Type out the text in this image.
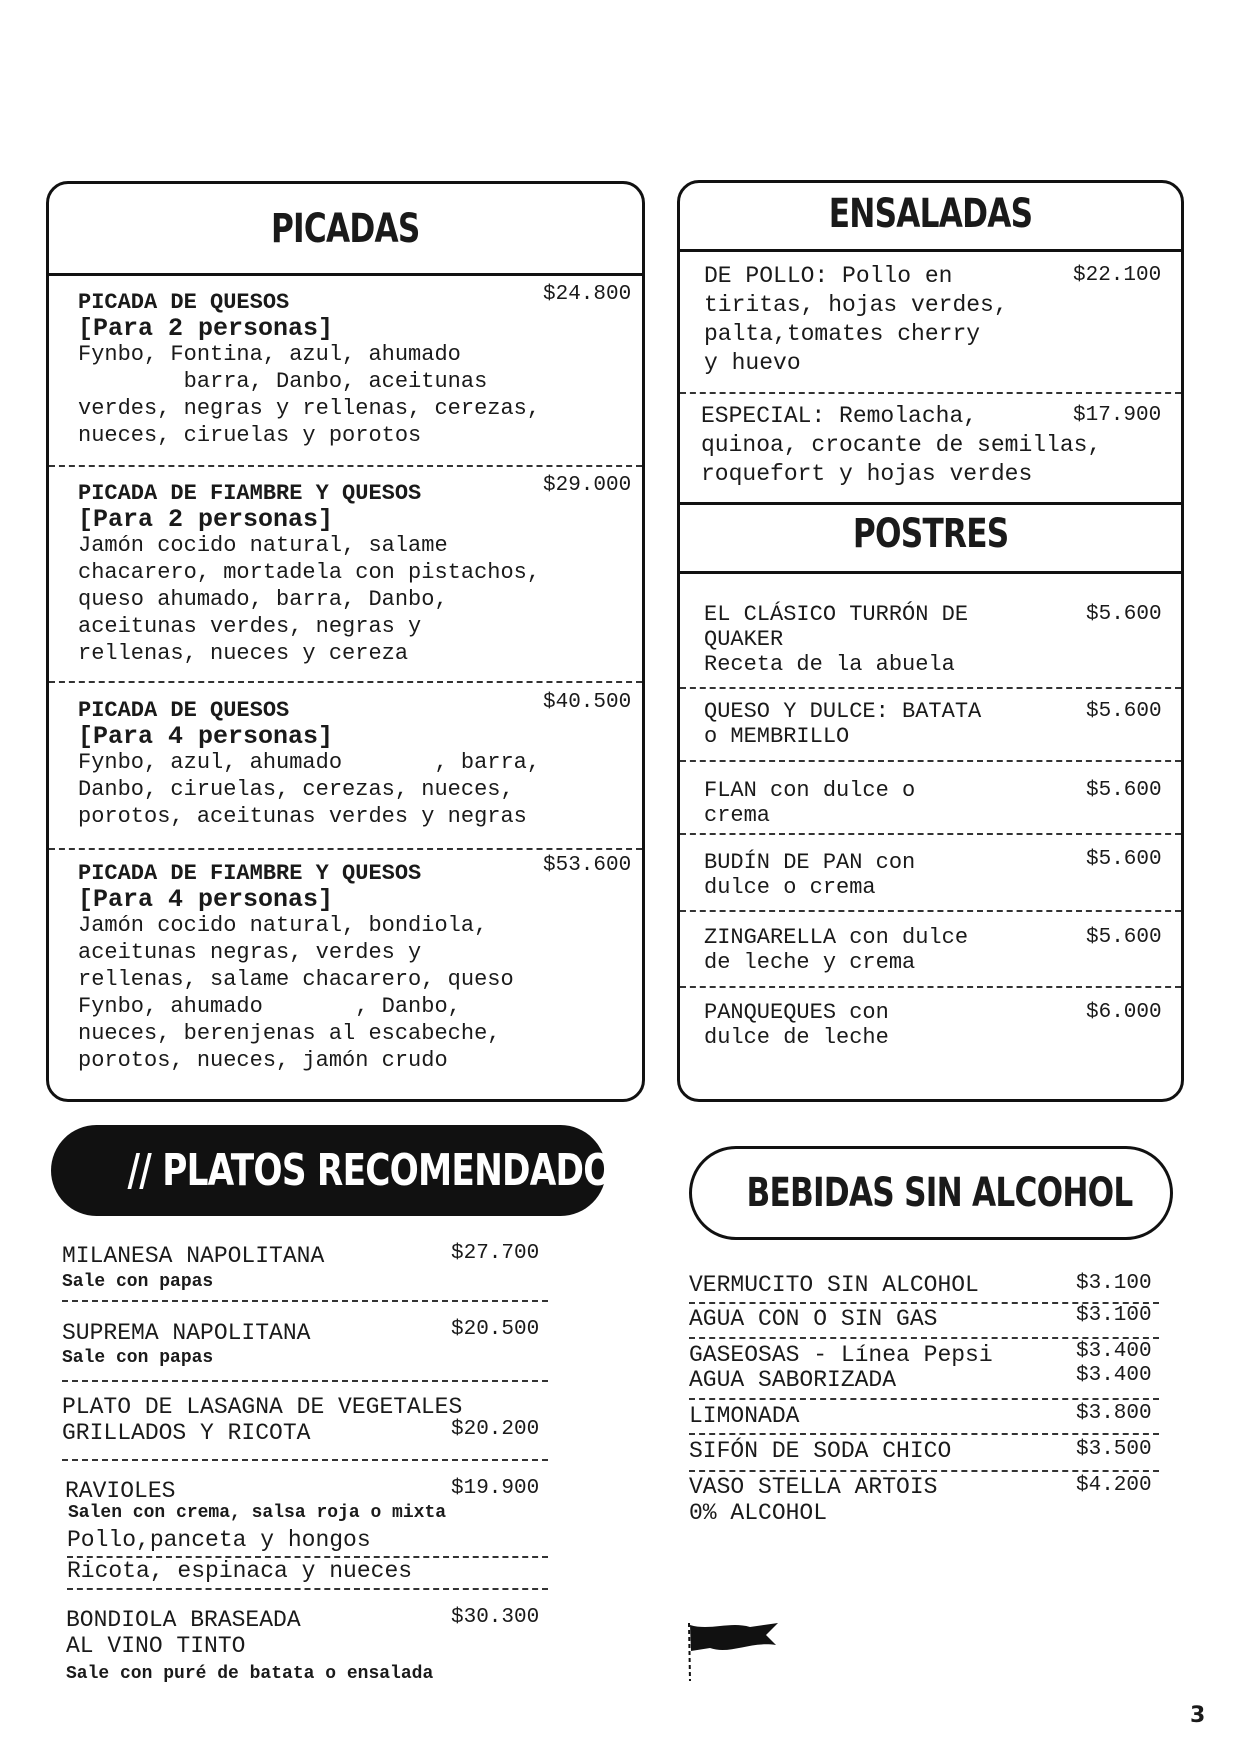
PICADAS
PICADA DE QUESOS	$24.800
[Para 2 personas]
Fynbo, Fontina, azul, ahumado
barra, Danbo, aceitunas
verdes, negras y rellenas, cerezas,
nueces, ciruelas y porotos
PICADA DE FIAMBRE Y QUESOS	$29.000
[Para 2 personas]
Jamón cocido natural, salame
chacarero, mortadela con pistachos,
queso ahumado, barra, Danbo,
aceitunas verdes, negras y
rellenas, nueces y cereza
PICADA DE QUESOS	$40.500
[Para 4 personas]
Fynbo, azul, ahumado       , barra,
Danbo, ciruelas, cerezas, nueces,
porotos, aceitunas verdes y negras
PICADA DE FIAMBRE Y QUESOS	$53.600
[Para 4 personas]
Jamón cocido natural, bondiola,
aceitunas negras, verdes y
rellenas, salame chacarero, queso
Fynbo, ahumado       , Danbo,
nueces, berenjenas al escabeche,
porotos, nueces, jamón crudo
ENSALADAS
DE POLLO: Pollo en
tiritas, hojas verdes,
palta,tomates cherry
y huevo
$22.100
ESPECIAL: Remolacha,
quinoa, crocante de semillas,
roquefort y hojas verdes
$17.900
POSTRES
EL CLÁSICO TURRÓN DE
QUAKER
Receta de la abuela
$5.600
QUESO Y DULCE: BATATA
o MEMBRILLO
$5.600
FLAN con dulce o
crema
$5.600
BUDÍN DE PAN con
dulce o crema
$5.600
ZINGARELLA con dulce
de leche y crema
$5.600
PANQUEQUES con
dulce de leche
$6.000
// PLATOS RECOMENDADOS //
MILANESA NAPOLITANA	$27.700
Sale con papas
SUPREMA NAPOLITANA	$20.500
Sale con papas
PLATO DE LASAGNA DE VEGETALES
GRILLADOS Y RICOTA	$20.200
RAVIOLES	$19.900
Salen con crema, salsa roja o mixta
Pollo,panceta y hongos
Ricota, espinaca y nueces
BONDIOLA BRASEADA
AL VINO TINTO
$30.300
Sale con puré de batata o ensalada
BEBIDAS SIN ALCOHOL
VERMUCITO SIN ALCOHOL	$3.100
AGUA CON O SIN GAS	$3.100
GASEOSAS - Línea Pepsi	$3.400
AGUA SABORIZADA	$3.400
LIMONADA	$3.800
SIFÓN DE SODA CHICO	$3.500
VASO STELLA ARTOIS
0% ALCOHOL
$4.200
3
